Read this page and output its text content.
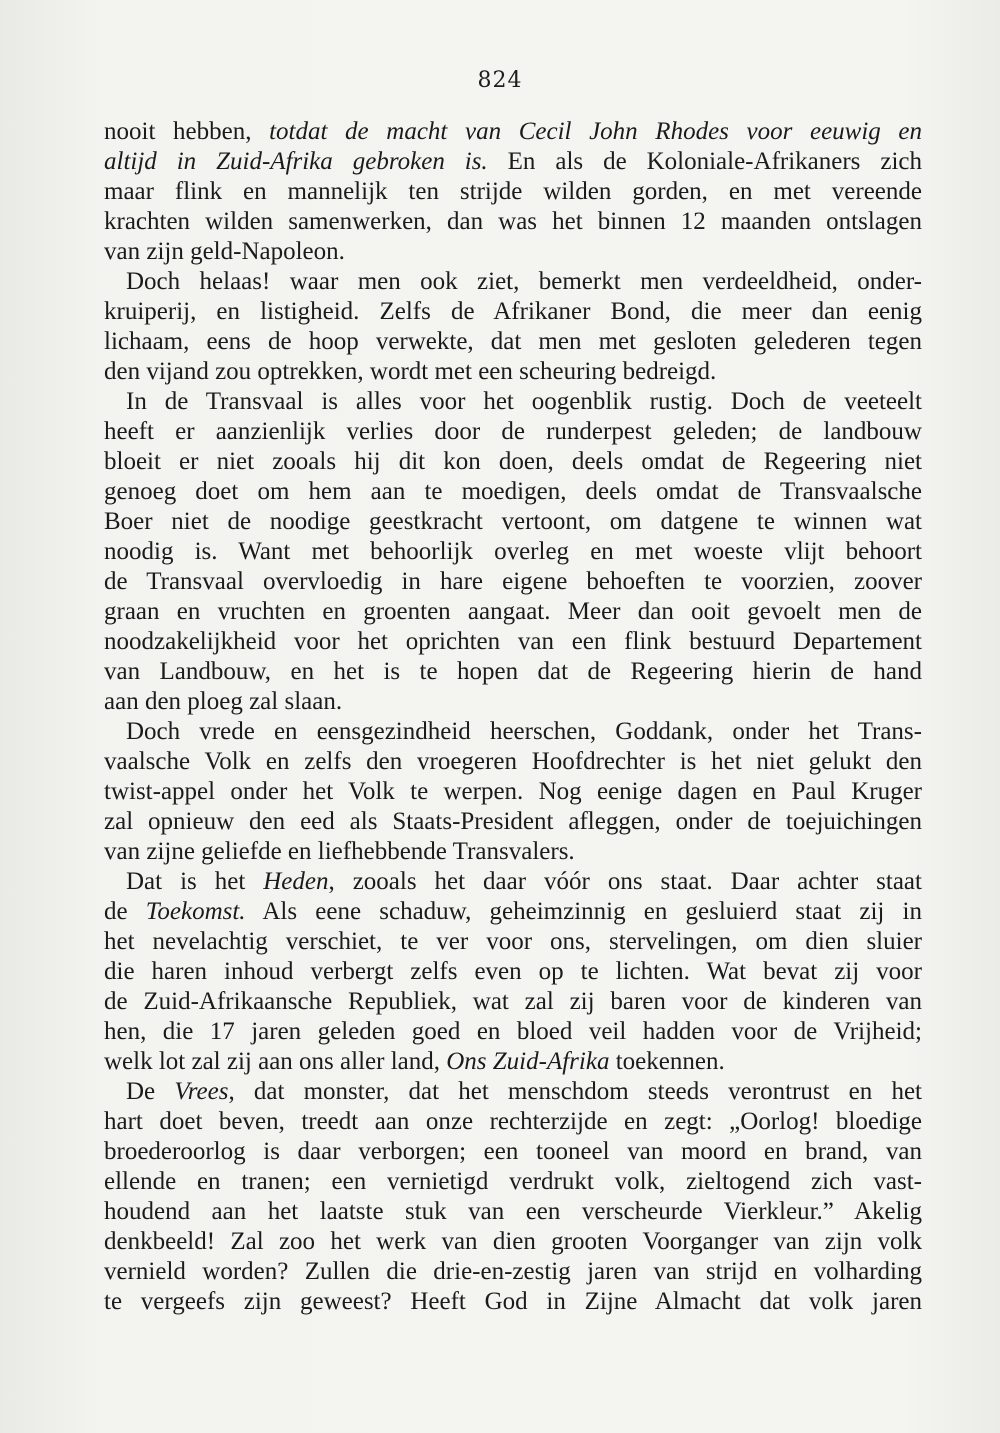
824
nooit hebben, totdat de macht van Cecil John Rhodes voor eeuwig en
altijd in Zuid-Afrika gebroken is. En als de Koloniale-Afrikaners zich
maar flink en mannelijk ten strijde wilden gorden, en met vereende
krachten wilden samenwerken, dan was het binnen 12 maanden ontslagen
van zijn geld-Napoleon.
Doch helaas! waar men ook ziet, bemerkt men verdeeldheid, onder-
kruiperij, en listigheid. Zelfs de Afrikaner Bond, die meer dan eenig
lichaam, eens de hoop verwekte, dat men met gesloten gelederen tegen
den vijand zou optrekken, wordt met een scheuring bedreigd.
In de Transvaal is alles voor het oogenblik rustig. Doch de veeteelt
heeft er aanzienlijk verlies door de runderpest geleden; de landbouw
bloeit er niet zooals hij dit kon doen, deels omdat de Regeering niet
genoeg doet om hem aan te moedigen, deels omdat de Transvaalsche
Boer niet de noodige geestkracht vertoont, om datgene te winnen wat
noodig is. Want met behoorlijk overleg en met woeste vlijt behoort
de Transvaal overvloedig in hare eigene behoeften te voorzien, zoover
graan en vruchten en groenten aangaat. Meer dan ooit gevoelt men de
noodzakelijkheid voor het oprichten van een flink bestuurd Departement
van Landbouw, en het is te hopen dat de Regeering hierin de hand
aan den ploeg zal slaan.
Doch vrede en eensgezindheid heerschen, Goddank, onder het Trans-
vaalsche Volk en zelfs den vroegeren Hoofdrechter is het niet gelukt den
twist-appel onder het Volk te werpen. Nog eenige dagen en Paul Kruger
zal opnieuw den eed als Staats-President afleggen, onder de toejuichingen
van zijne geliefde en liefhebbende Transvalers.
Dat is het Heden, zooals het daar vóór ons staat. Daar achter staat
de Toekomst. Als eene schaduw, geheimzinnig en gesluierd staat zij in
het nevelachtig verschiet, te ver voor ons, stervelingen, om dien sluier
die haren inhoud verbergt zelfs even op te lichten. Wat bevat zij voor
de Zuid-Afrikaansche Republiek, wat zal zij baren voor de kinderen van
hen, die 17 jaren geleden goed en bloed veil hadden voor de Vrijheid;
welk lot zal zij aan ons aller land, Ons Zuid-Afrika toekennen.
De Vrees, dat monster, dat het menschdom steeds verontrust en het
hart doet beven, treedt aan onze rechterzijde en zegt: „Oorlog! bloedige
broederoorlog is daar verborgen; een tooneel van moord en brand, van
ellende en tranen; een vernietigd verdrukt volk, zieltogend zich vast-
houdend aan het laatste stuk van een verscheurde Vierkleur.” Akelig
denkbeeld! Zal zoo het werk van dien grooten Voorganger van zijn volk
vernield worden? Zullen die drie-en-zestig jaren van strijd en volharding
te vergeefs zijn geweest? Heeft God in Zijne Almacht dat volk jaren
